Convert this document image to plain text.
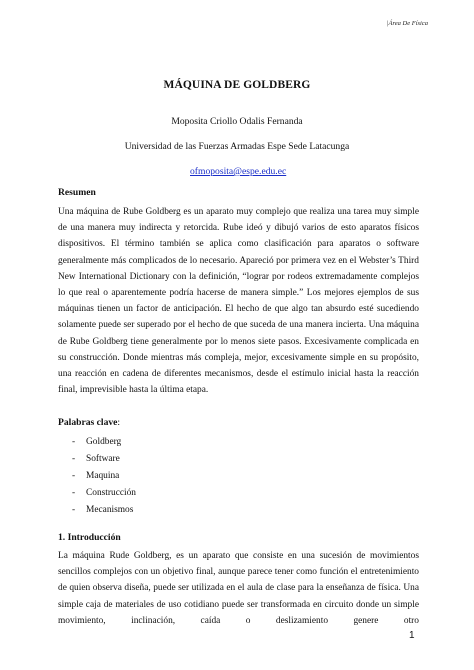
|Área De Física
MÁQUINA DE GOLDBERG
Moposita Criollo Odalis Fernanda
Universidad de las Fuerzas Armadas Espe Sede Latacunga
ofmoposita@espe.edu.ec
Resumen
Una máquina de Rube Goldberg es un aparato muy complejo que realiza una tarea muy simple de una manera muy indirecta y retorcida. Rube ideó y dibujó varios de esto aparatos físicos dispositivos. El término también se aplica como clasificación para aparatos o software generalmente más complicados de lo necesario. Apareció por primera vez en el Webster’s Third New International Dictionary con la definición, “lograr por rodeos extremadamente complejos lo que real o aparentemente podría hacerse de manera simple.” Los mejores ejemplos de sus máquinas tienen un factor de anticipación. El hecho de que algo tan absurdo esté sucediendo solamente puede ser superado por el hecho de que suceda de una manera incierta. Una máquina de Rube Goldberg tiene generalmente por lo menos siete pasos. Excesivamente complicada en su construcción. Donde mientras más compleja, mejor, excesivamente simple en su propósito, una reacción en cadena de diferentes mecanismos, desde el estímulo inicial hasta la reacción final, imprevisible hasta la última etapa.
Palabras clave:
-	Goldberg
-	Software
-	Maquina
-	Construcción
-	Mecanismos
1. Introducción
La máquina Rude Goldberg, es un aparato que consiste en una sucesión de movimientos sencillos complejos con un objetivo final, aunque parece tener como función el entretenimiento de quien observa diseña, puede ser utilizada en el aula de clase para la enseñanza de física. Una simple caja de materiales de uso cotidiano puede ser transformada en circuito donde un simple movimiento, inclinación, caída o deslizamiento genere otro
1
